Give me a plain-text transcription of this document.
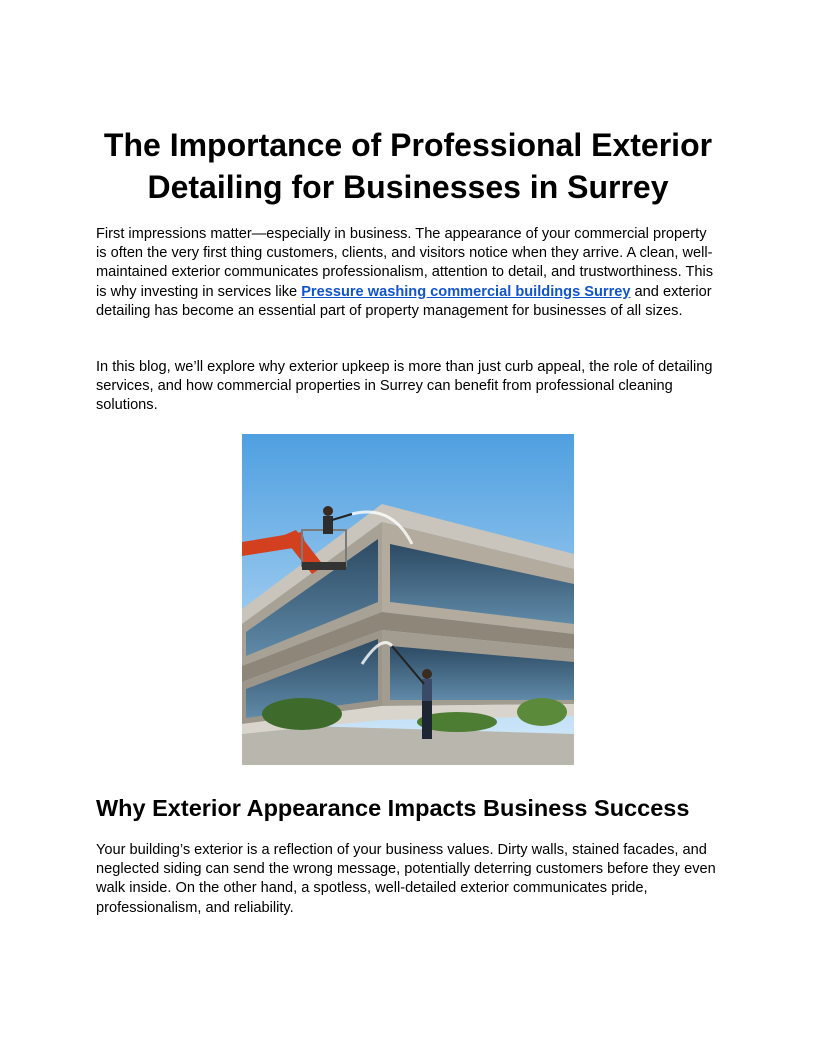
The Importance of Professional Exterior Detailing for Businesses in Surrey

First impressions matter—especially in business. The appearance of your commercial property is often the very first thing customers, clients, and visitors notice when they arrive. A clean, well-maintained exterior communicates professionalism, attention to detail, and trustworthiness. This is why investing in services like Pressure washing commercial buildings Surrey and exterior detailing has become an essential part of property management for businesses of all sizes.

In this blog, we’ll explore why exterior upkeep is more than just curb appeal, the role of detailing services, and how commercial properties in Surrey can benefit from professional cleaning solutions.

Why Exterior Appearance Impacts Business Success

Your building’s exterior is a reflection of your business values. Dirty walls, stained facades, and neglected siding can send the wrong message, potentially deterring customers before they even walk inside. On the other hand, a spotless, well-detailed exterior communicates pride, professionalism, and reliability.
